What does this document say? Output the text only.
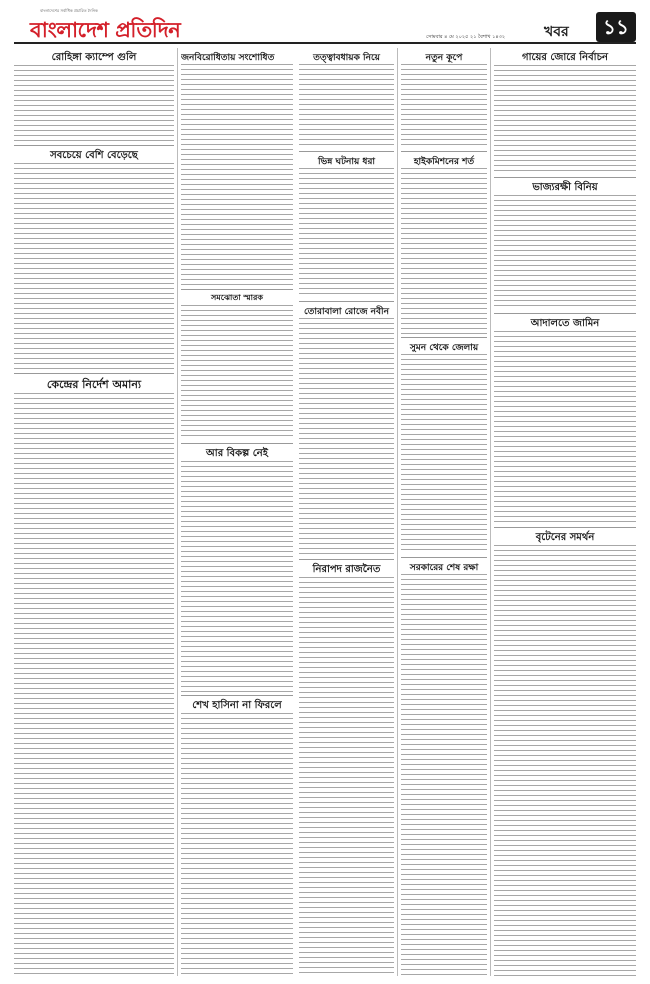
বাংলাদেশের সর্বাধিক প্রচারিত দৈনিক
বাংলাদেশ প্রতিদিন	সোমবার ৪ মে ২০২৫ ২১ বৈশাখ ১৪৩২	খবর	১১
রোহিঙ্গা ক্যাম্পে গুলি
সবচেয়ে বেশি বেড়েছে
কেন্দ্রের নির্দেশ অমান্য
জনবিরোধিতায় সংশোধিত
সমঝোতা স্মারক
আর বিকল্প নেই
শেখ হাসিনা না ফিরলে
তত্ত্বাবধায়ক নিয়ে
ভিন্ন ঘটনায় ধরা
তোরাবালা রোজে নবীন
নিরাপদ রাজনৈত
নতুন কূপে
হাইকমিশনের শর্ত
সুমন থেকে জেলায়
সরকারের শেষ রক্ষা
গায়ের জোরে নির্বাচন
ভাজ্যরক্ষী বিনিয়
আদালতে জামিন
বৃটেনের সমর্থন
